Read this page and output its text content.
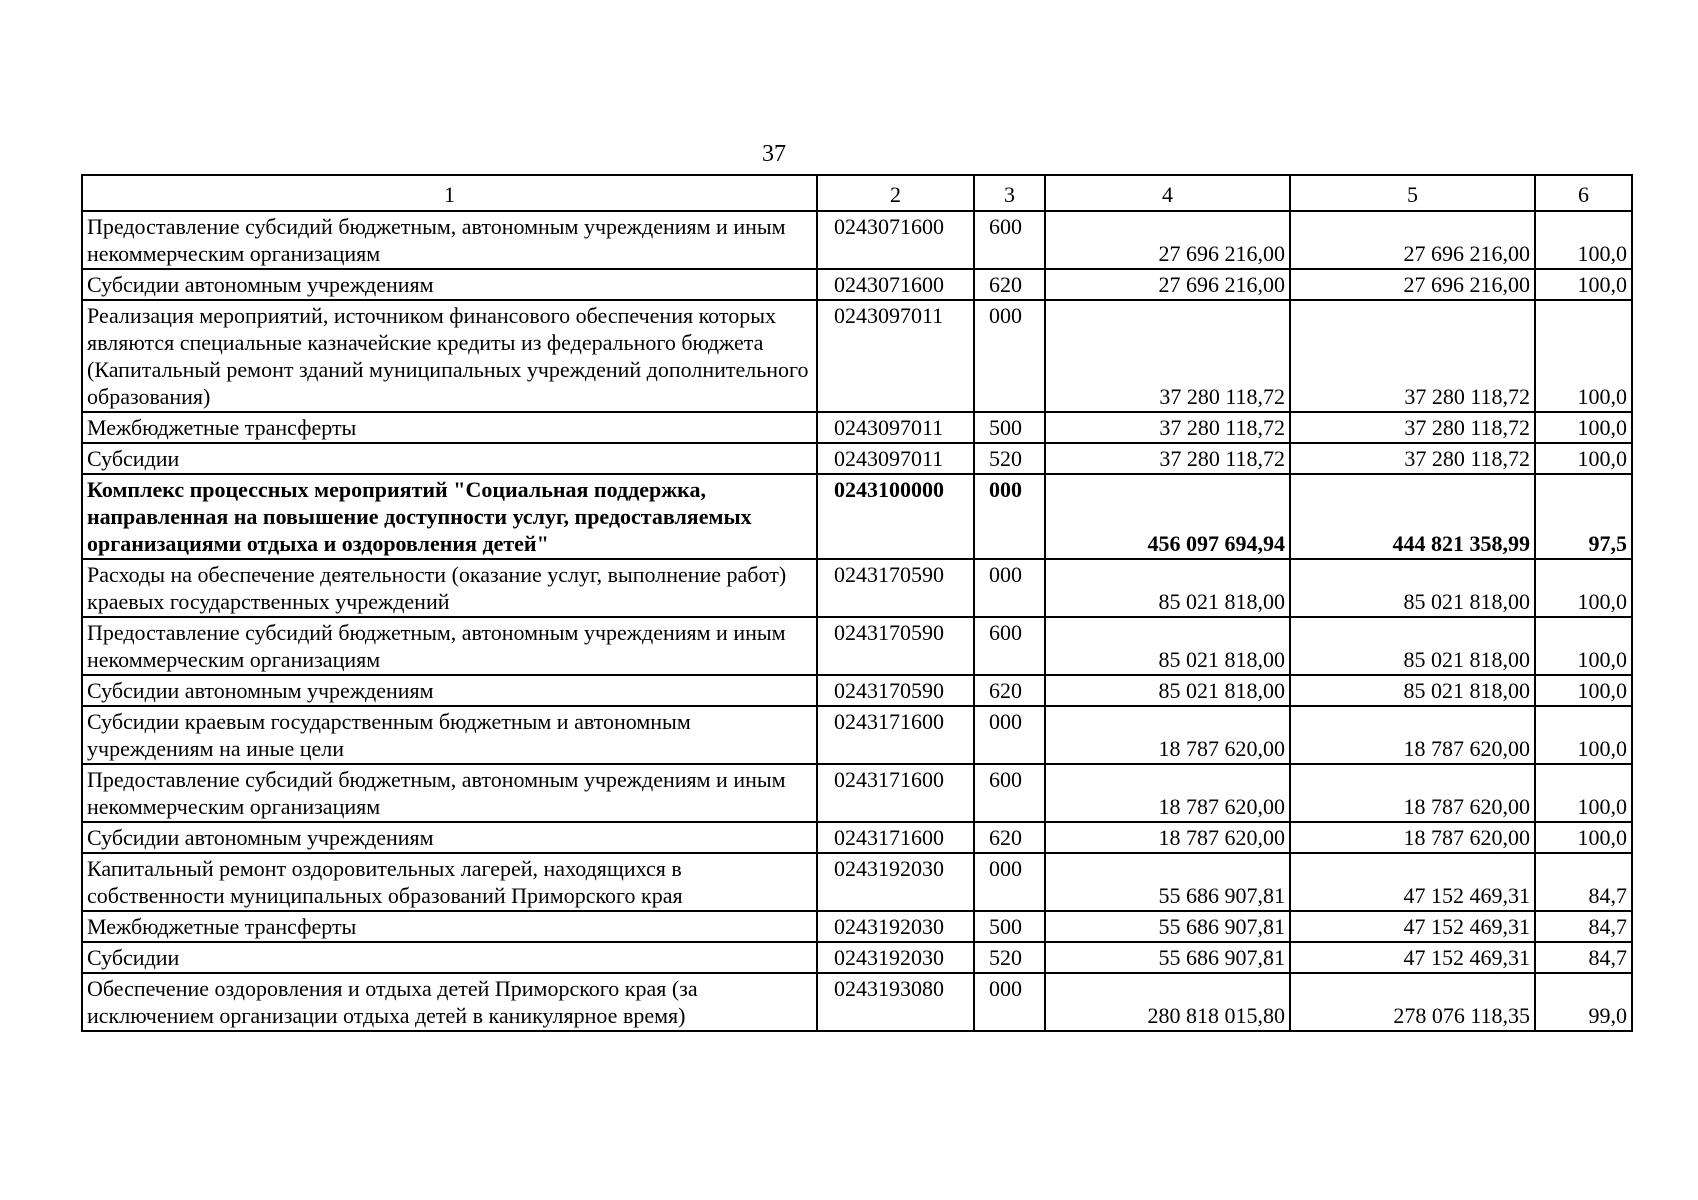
37
1	2	3	4	5	6
Предоставление субсидий бюджетным, автономным учреждениям и иным некоммерческим организациям	0243071600	600	27 696 216,00	27 696 216,00	100,0
Субсидии автономным учреждениям	0243071600	620	27 696 216,00	27 696 216,00	100,0
Реализация мероприятий, источником финансового обеспечения которых являются специальные казначейские кредиты из федерального бюджета (Капитальный ремонт зданий муниципальных учреждений дополнительного образования)	0243097011	000	37 280 118,72	37 280 118,72	100,0
Межбюджетные трансферты	0243097011	500	37 280 118,72	37 280 118,72	100,0
Субсидии	0243097011	520	37 280 118,72	37 280 118,72	100,0
Комплекс процессных мероприятий "Социальная поддержка, направленная на повышение доступности услуг, предоставляемых организациями отдыха и оздоровления детей"	0243100000	000	456 097 694,94	444 821 358,99	97,5
Расходы на обеспечение деятельности (оказание услуг, выполнение работ) краевых государственных учреждений	0243170590	000	85 021 818,00	85 021 818,00	100,0
Предоставление субсидий бюджетным, автономным учреждениям и иным некоммерческим организациям	0243170590	600	85 021 818,00	85 021 818,00	100,0
Субсидии автономным учреждениям	0243170590	620	85 021 818,00	85 021 818,00	100,0
Субсидии краевым государственным бюджетным и автономным учреждениям на иные цели	0243171600	000	18 787 620,00	18 787 620,00	100,0
Предоставление субсидий бюджетным, автономным учреждениям и иным некоммерческим организациям	0243171600	600	18 787 620,00	18 787 620,00	100,0
Субсидии автономным учреждениям	0243171600	620	18 787 620,00	18 787 620,00	100,0
Капитальный ремонт оздоровительных лагерей, находящихся в собственности муниципальных образований Приморского края	0243192030	000	55 686 907,81	47 152 469,31	84,7
Межбюджетные трансферты	0243192030	500	55 686 907,81	47 152 469,31	84,7
Субсидии	0243192030	520	55 686 907,81	47 152 469,31	84,7
Обеспечение оздоровления и отдыха детей Приморского края (за исключением организации отдыха детей в каникулярное время)	0243193080	000	280 818 015,80	278 076 118,35	99,0
